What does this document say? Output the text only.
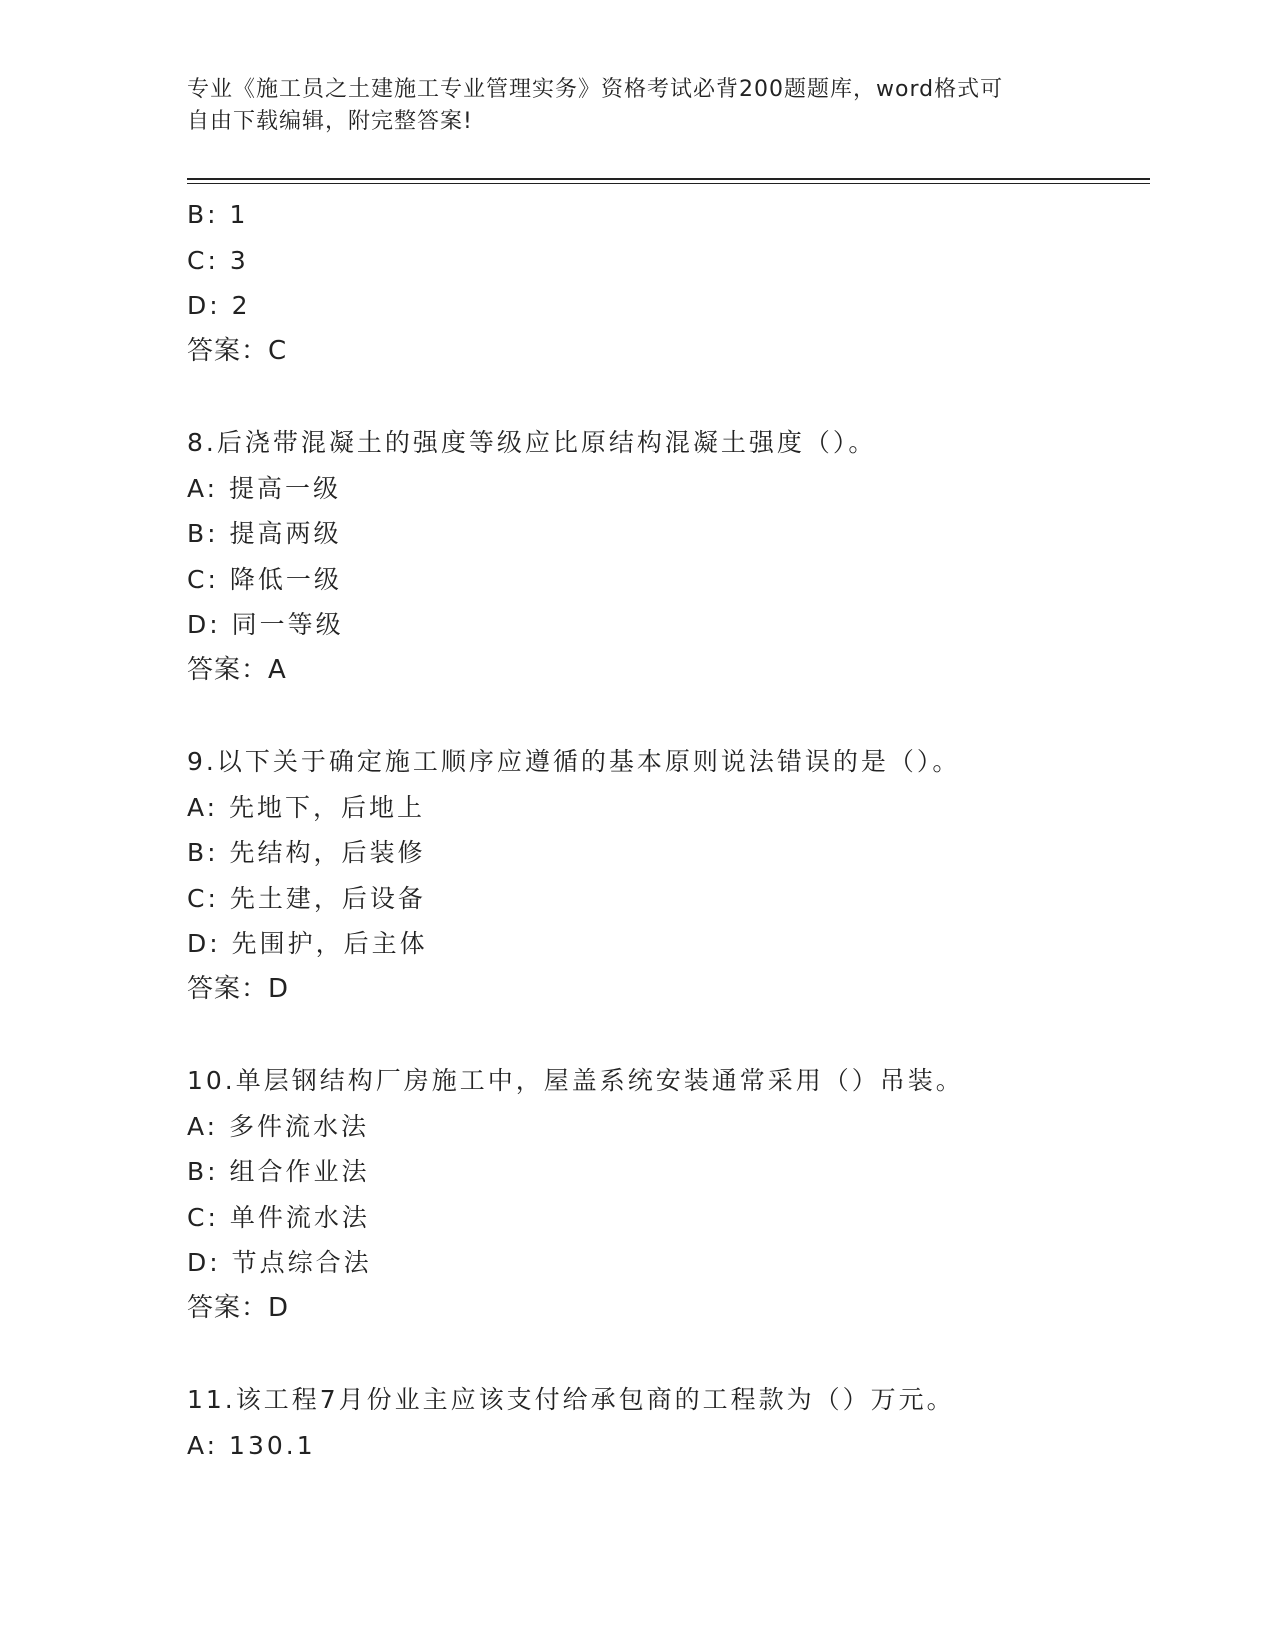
专业《施工员之土建施工专业管理实务》资格考试必背200题题库，word格式可
自由下载编辑，附完整答案!
B: 1
C: 3
D: 2
答案：C
8.后浇带混凝土的强度等级应比原结构混凝土强度（）。
A: 提高一级
B: 提高两级
C: 降低一级
D: 同一等级
答案：A
9.以下关于确定施工顺序应遵循的基本原则说法错误的是（）。
A: 先地下，后地上
B: 先结构，后装修
C: 先土建，后设备
D: 先围护，后主体
答案：D
10.单层钢结构厂房施工中，屋盖系统安装通常采用（）吊装。
A: 多件流水法
B: 组合作业法
C: 单件流水法
D: 节点综合法
答案：D
11.该工程7月份业主应该支付给承包商的工程款为（）万元。
A: 130.1
